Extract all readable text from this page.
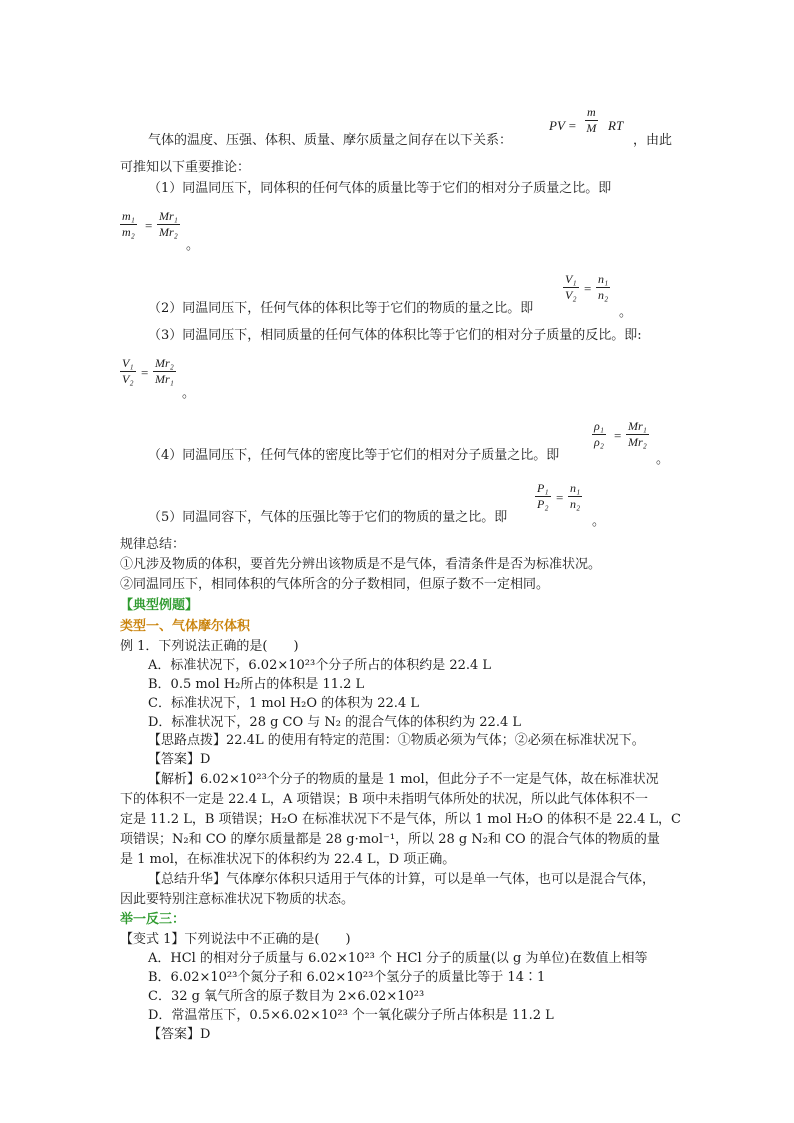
PV = $\frac{m}{M}$ RT
气体的温度、压强、体积、质量、摩尔质量之间存在以下关系：	，由此
可推知以下重要推论：
（1）同温同压下，同体积的任何气体的质量比等于它们的相对分子质量之比。即
$\frac{\text{m₁}}{\text{m₂}} = \frac{\text{Mr₁}}{\text{Mr₂}}$
。
$\frac{\text{V₁}}{\text{V₂}} = \frac{\text{n₁}}{\text{n₂}}$
（2）同温同压下，任何气体的体积比等于它们的物质的量之比。即	。
（3）同温同压下，相同质量的任何气体的体积比等于它们的相对分子质量的反比。即:
$\frac{\text{V₁}}{\text{V₂}} = \frac{\text{Mr₂}}{\text{Mr₁}}$
。
$\frac{\text{ρ₁}}{\text{ρ₂}} = \frac{\text{Mr₁}}{\text{Mr₂}}$
（4）同温同压下，任何气体的密度比等于它们的相对分子质量之比。即	。
$\frac{\text{P₁}}{\text{P₂}} = \frac{\text{n₁}}{\text{n₂}}$
（5）同温同容下，气体的压强比等于它们的物质的量之比。即	。
规律总结：
①凡涉及物质的体积，要首先分辨出该物质是不是气体，看清条件是否为标准状况。
②同温同压下，相同体积的气体所含的分子数相同，但原子数不一定相同。
【典型例题】
类型一、气体摩尔体积
例 1．下列说法正确的是(　　)
A．标准状况下，6.02×10²³个分子所占的体积约是 22.4 L
B．0.5 mol H₂所占的体积是 11.2 L
C．标准状况下，1 mol H₂O 的体积为 22.4 L
D．标准状况下，28 g CO 与 N₂ 的混合气体的体积约为 22.4 L
【思路点拨】22.4L 的使用有特定的范围：①物质必须为气体；②必须在标准状况下。
【答案】D
【解析】6.02×10²³个分子的物质的量是 1 mol，但此分子不一定是气体，故在标准状况
下的体积不一定是 22.4 L，A 项错误；B 项中未指明气体所处的状况，所以此气体体积不一
定是 11.2 L，B 项错误；H₂O 在标准状况下不是气体，所以 1 mol H₂O 的体积不是 22.4 L，C
项错误；N₂和 CO 的摩尔质量都是 28 g·mol⁻¹，所以 28 g N₂和 CO 的混合气体的物质的量
是 1 mol，在标准状况下的体积约为 22.4 L，D 项正确。
【总结升华】气体摩尔体积只适用于气体的计算，可以是单一气体，也可以是混合气体，
因此要特别注意标准状况下物质的状态。
举一反三：
【变式 1】下列说法中不正确的是(　　)
A．HCl 的相对分子质量与 6.02×10²³ 个 HCl 分子的质量(以 g 为单位)在数值上相等
B．6.02×10²³个氮分子和 6.02×10²³个氢分子的质量比等于 14∶1
C．32 g 氧气所含的原子数目为 2×6.02×10²³
D．常温常压下，0.5×6.02×10²³ 个一氧化碳分子所占体积是 11.2 L
【答案】D
